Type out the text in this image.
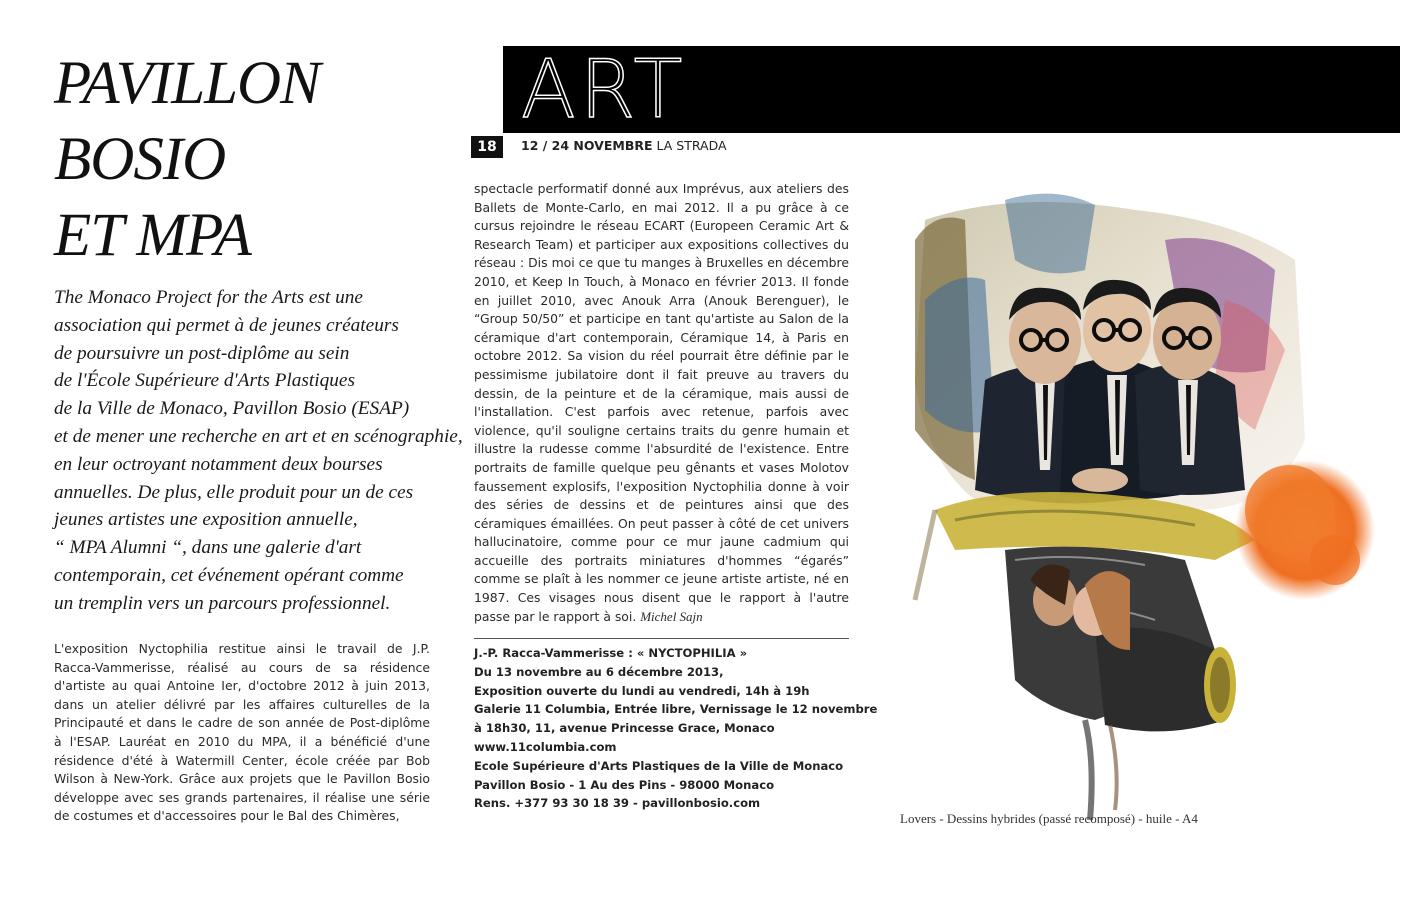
PAVILLON
BOSIO
ET MPA
The Monaco Project for the Arts est une
association qui permet à de jeunes créateurs
de poursuivre un post-diplôme au sein
de l'École Supérieure d'Arts Plastiques
de la Ville de Monaco, Pavillon Bosio (ESAP)
et de mener une recherche en art et en scénographie,
en leur octroyant notamment deux bourses
annuelles. De plus, elle produit pour un de ces
jeunes artistes une exposition annuelle,
“ MPA Alumni “, dans une galerie d'art
contemporain, cet événement opérant comme
un tremplin vers un parcours professionnel.
L'exposition Nyctophilia restitue ainsi le travail de J.P. Racca-Vammerisse, réalisé au cours de sa résidence d'artiste au quai Antoine Ier, d'octobre 2012 à juin 2013, dans un atelier délivré par les affaires culturelles de la Principauté et dans le cadre de son année de Post-diplôme à l'ESAP. Lauréat en 2010 du MPA, il a bénéficié d'une résidence d'été à Watermill Center, école créée par Bob Wilson à New-York. Grâce aux projets que le Pavillon Bosio développe avec ses grands partenaires, il réalise une série de costumes et d'accessoires pour le Bal des Chimères,
ART
18	12 / 24 NOVEMBRE LA STRADA
spectacle performatif donné aux Imprévus, aux ateliers des Ballets de Monte-Carlo, en mai 2012. Il a pu grâce à ce cursus rejoindre le réseau ECART (Europeen Ceramic Art & Research Team) et participer aux expositions collectives du réseau : Dis moi ce que tu manges à Bruxelles en décembre 2010, et Keep In Touch, à Monaco en février 2013. Il fonde en juillet 2010, avec Anouk Arra (Anouk Berenguer), le “Group 50/50” et participe en tant qu'artiste au Salon de la céramique d'art contemporain, Céramique 14, à Paris en octobre 2012. Sa vision du réel pourrait être définie par le pessimisme jubilatoire dont il fait preuve au travers du dessin, de la peinture et de la céramique, mais aussi de l'installation. C'est parfois avec retenue, parfois avec violence, qu'il souligne certains traits du genre humain et illustre la rudesse comme l'absurdité de l'existence. Entre portraits de famille quelque peu gênants et vases Molotov faussement explosifs, l'exposition Nyctophilia donne à voir des séries de dessins et de peintures ainsi que des céramiques émaillées. On peut passer à côté de cet univers hallucinatoire, comme pour ce mur jaune cadmium qui accueille des portraits miniatures d'hommes “égarés” comme se plaît à les nommer ce jeune artiste artiste, né en 1987. Ces visages nous disent que le rapport à l'autre passe par le rapport à soi. Michel Sajn
J.-P. Racca-Vammerisse : « NYCTOPHILIA »
Du 13 novembre au 6 décembre 2013,
Exposition ouverte du lundi au vendredi, 14h à 19h
Galerie 11 Columbia, Entrée libre, Vernissage le 12 novembre
à 18h30, 11, avenue Princesse Grace, Monaco
www.11columbia.com
Ecole Supérieure d'Arts Plastiques de la Ville de Monaco
Pavillon Bosio - 1 Au des Pins - 98000 Monaco
Rens. +377 93 30 18 39 - pavillonbosio.com
Lovers - Dessins hybrides (passé recomposé) - huile - A4
